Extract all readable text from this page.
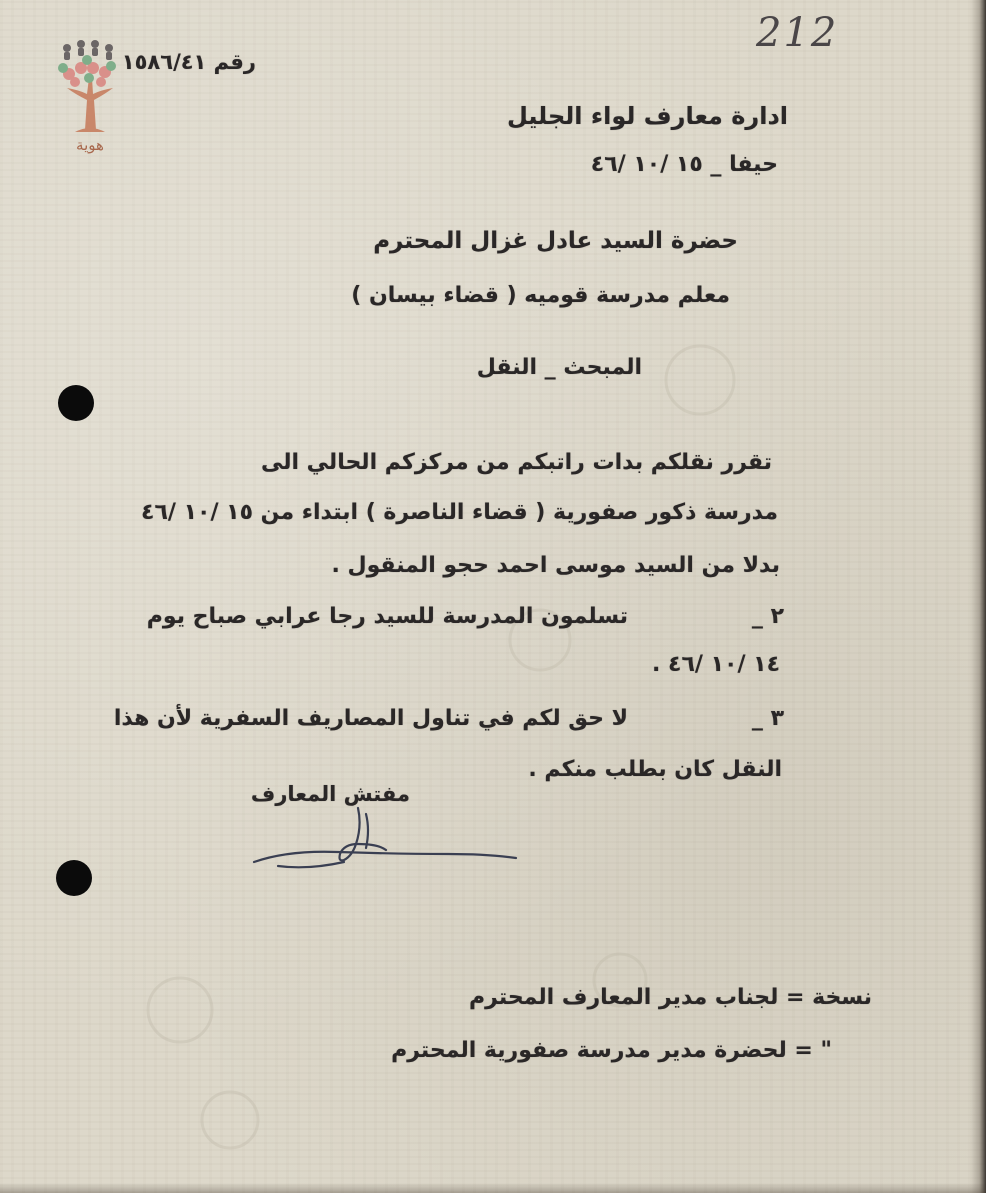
هوية
212
رقم ١٥٨٦/٤١
ادارة معارف لواء الجليل
حيفا _ ١٥ /١٠ /٤٦
حضرة السيد عادل غزال المحترم
معلم مدرسة قوميه ( قضاء بيسان )
المبحث _ النقل
تقرر نقلكم بدات راتبكم من مركزكم الحالي الى
مدرسة ذكور صفورية ( قضاء الناصرة ) ابتداء من ١٥ /١٠ /٤٦
بدلا من السيد موسى احمد حجو المنقول .
٢ _
تسلمون المدرسة للسيد رجا عرابي صباح يوم
١٤ /١٠ /٤٦ .
٣ _
لا حق لكم في تناول المصاريف السفرية لأن هذا
النقل كان بطلب منكم .
مفتش المعارف
نسخة = لجناب مدير المعارف المحترم
" = لحضرة مدير مدرسة صفورية المحترم
